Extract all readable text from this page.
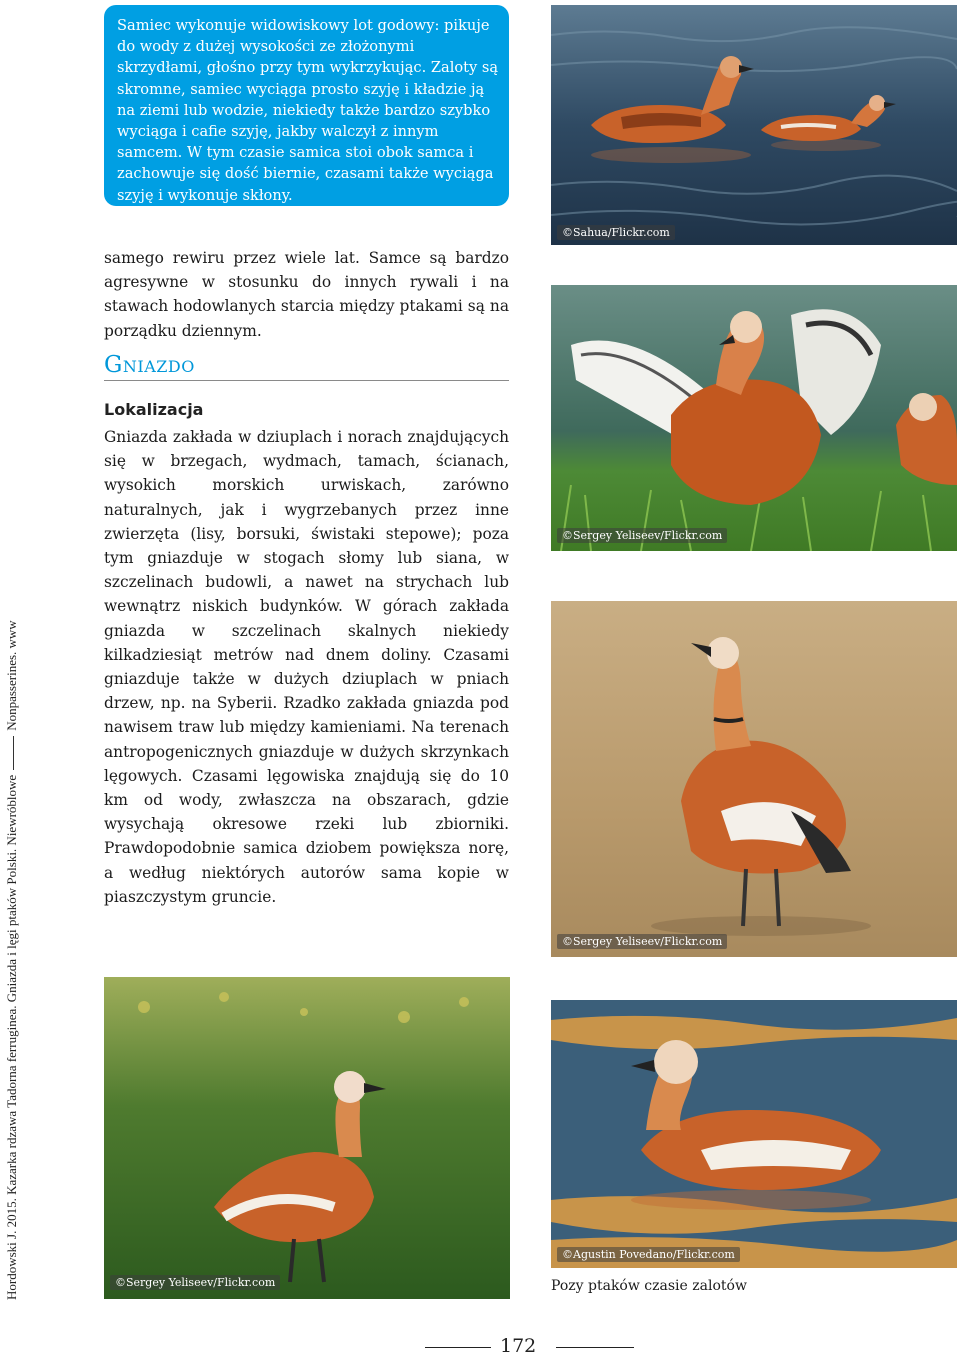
Hordowski J. 2015. Kazarka rdzawa Tadorna ferruginea. Gniazda i lęgi ptaków Polski. NiewróbloweNonpasserines. www
Samiec wykonuje widowiskowy lot godowy: pikuje do wody z dużej wysokości ze złożonymi skrzydłami, głośno przy tym wykrzykując. Zaloty są skromne, samiec wyciąga prosto szyję i kładzie ją na ziemi lub wodzie, niekiedy także bardzo szybko wyciąga i cafie szyję, jakby walczył z innym samcem. W tym czasie samica stoi obok samca i zachowuje się dość biernie, czasami także wyciąga szyję i wykonuje skłony.
samego rewiru przez wiele lat. Samce są bardzo agresywne w stosunku do innych rywali i na stawach hodowlanych starcia między ptakami są na porządku dziennym.
Gniazdo
Lokalizacja
Gniazda zakłada w dziuplach i norach znajdujących się w brzegach, wydmach, tamach, ścianach, wysokich morskich urwiskach, zarówno naturalnych, jak i wygrzebanych przez inne zwierzęta (lisy, borsuki, świstaki stepowe); poza tym gniazduje w stogach słomy lub siana, w szczelinach budowli, a nawet na strychach lub wewnątrz niskich budynków. W górach zakłada gniazda w szczelinach skalnych niekiedy kilkadziesiąt metrów nad dnem doliny. Czasami gniazduje także w dużych dziuplach w pniach drzew, np. na Syberii. Rzadko zakłada gniazda pod nawisem traw lub między kamieniami. Na terenach antropogenicznych gniazduje w dużych skrzynkach lęgowych. Czasami lęgowiska znajdują się do 10 km od wody, zwłaszcza na obszarach, gdzie wysychają okresowe rzeki lub zbiorniki. Prawdopodobnie samica dziobem powiększa norę, a według niektórych autorów sama kopie w piaszczystym gruncie.
©Sahua/Flickr.com
©Sergey Yeliseev/Flickr.com
©Sergey Yeliseev/Flickr.com
©Sergey Yeliseev/Flickr.com
©Agustin Povedano/Flickr.com
Pozy ptaków czasie zalotów
172
